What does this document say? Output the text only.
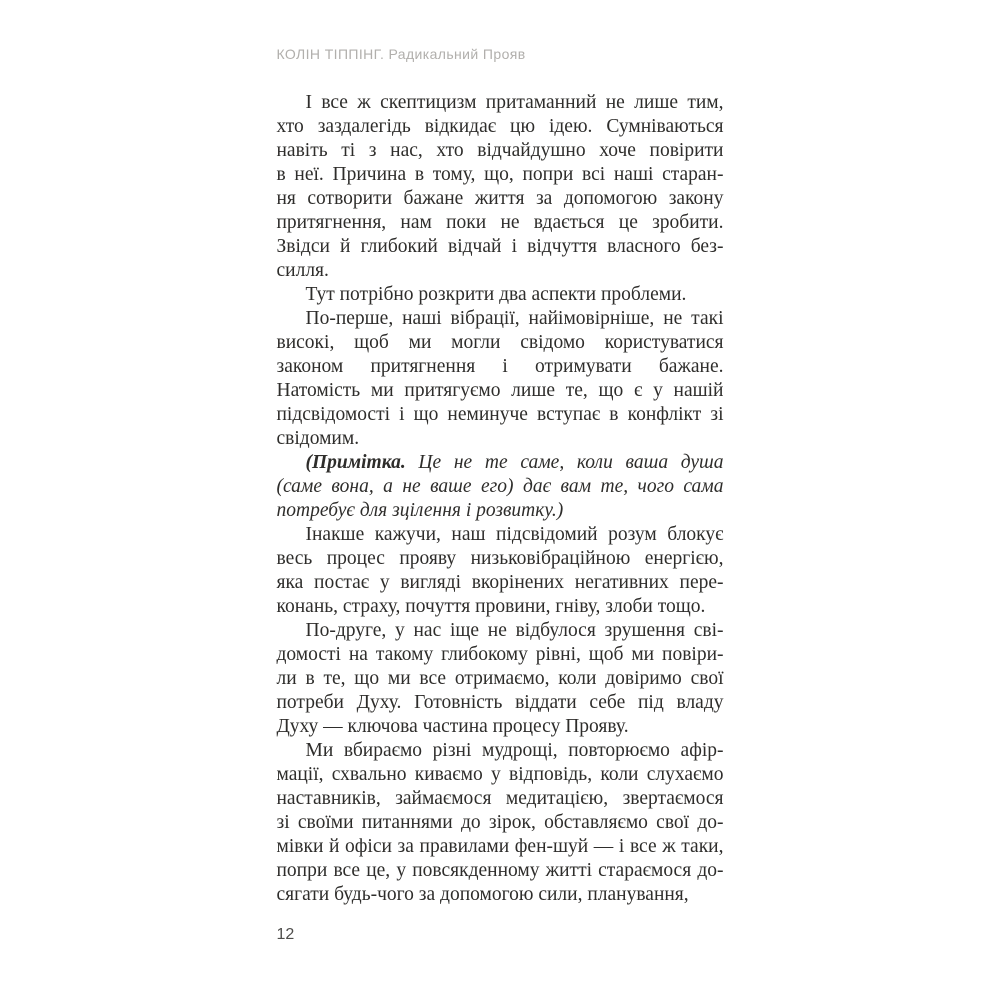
КОЛІН ТІППІНГ. Радикальний Прояв
І все ж скептицизм притаманний не лише тим,
хто заздалегідь відкидає цю ідею. Сумніваються
навіть ті з нас, хто відчайдушно хоче повірити
в неї. Причина в тому, що, попри всі наші старан-
ня сотворити бажане життя за допомогою закону
притягнення, нам поки не вдається це зробити.
Звідси й глибокий відчай і відчуття власного без-
силля.
Тут потрібно розкрити два аспекти проблеми.
По-перше, наші вібрації, найімовірніше, не такі
високі, щоб ми могли свідомо користуватися
законом притягнення і отримувати бажане.
Натомість ми притягуємо лише те, що є у нашій
підсвідомості і що неминуче вступає в конфлікт зі
свідомим.
(Примітка. Це не те саме, коли ваша душа
(саме вона, а не ваше его) дає вам те, чого сама
потребує для зцілення і розвитку.)
Інакше кажучи, наш підсвідомий розум блокує
весь процес прояву низьковібраційною енергією,
яка постає у вигляді вкорінених негативних пере-
конань, страху, почуття провини, гніву, злоби тощо.
По-друге, у нас іще не відбулося зрушення сві-
домості на такому глибокому рівні, щоб ми повіри-
ли в те, що ми все отримаємо, коли довіримо свої
потреби Духу. Готовність віддати себе під владу
Духу — ключова частина процесу Прояву.
Ми вбираємо різні мудрощі, повторюємо афір-
мації, схвально киваємо у відповідь, коли слухаємо
наставників, займаємося медитацією, звертаємося
зі своїми питаннями до зірок, обставляємо свої до-
мівки й офіси за правилами фен-шуй — і все ж таки,
попри все це, у повсякденному житті стараємося до-
сягати будь-чого за допомогою сили, планування,
12
